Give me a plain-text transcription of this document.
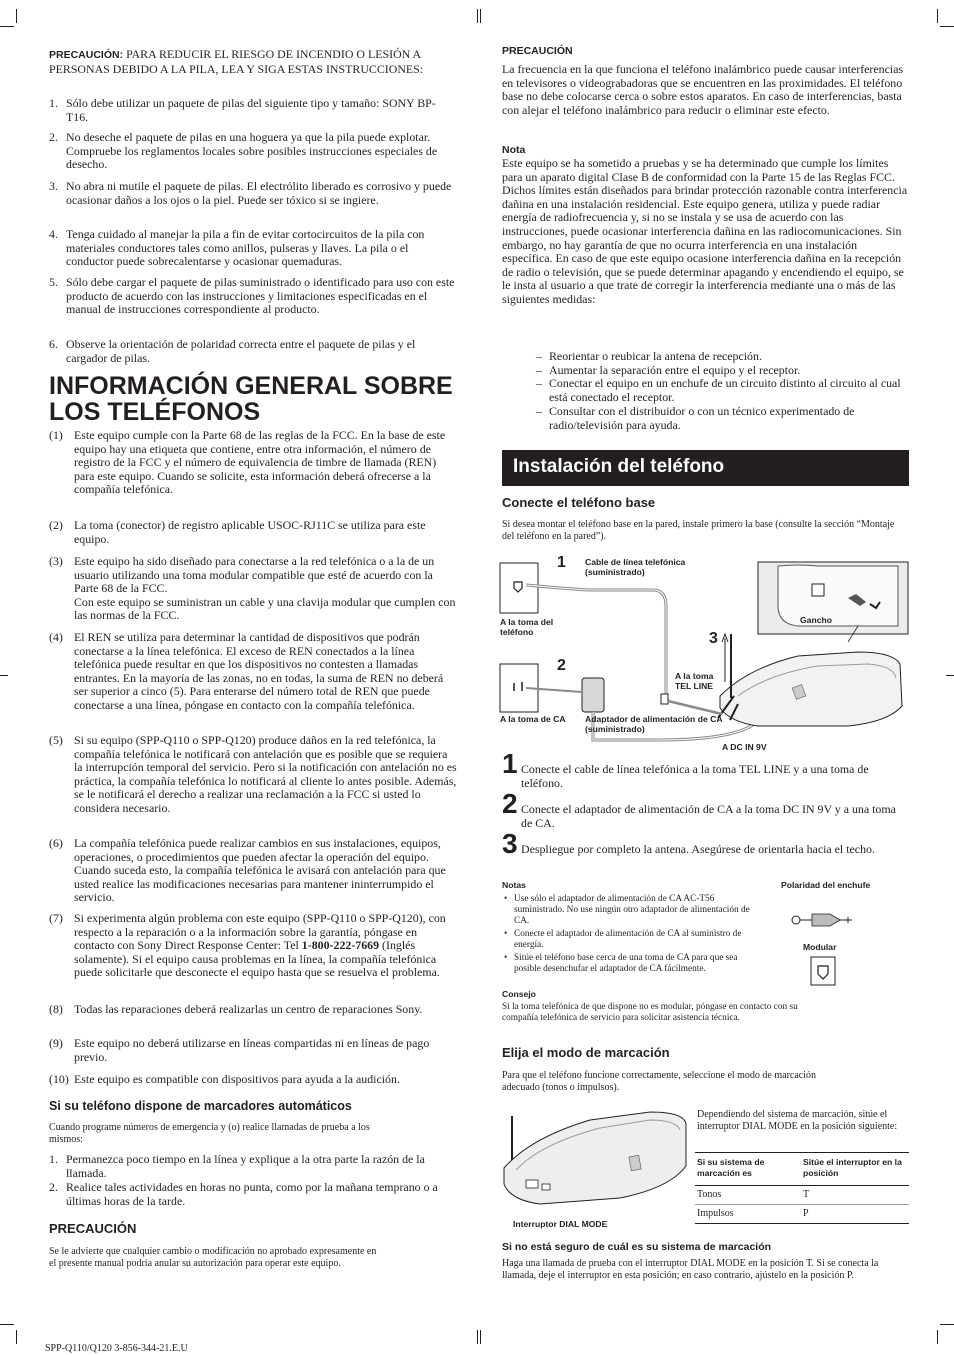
PRECAUCIÓN: PARA REDUCIR EL RIESGO DE INCENDIO O LESIÓN A PERSONAS DEBIDO A LA PILA, LEA Y SIGA ESTAS INSTRUCCIONES:
1. Sólo debe utilizar un paquete de pilas del siguiente tipo y tamaño: SONY BP-T16.
2. No deseche el paquete de pilas en una hoguera ya que la pila puede explotar. Compruebe los reglamentos locales sobre posibles instrucciones especiales de desecho.
3. No abra ni mutile el paquete de pilas. El electrólito liberado es corrosivo y puede ocasionar daños a los ojos o la piel. Puede ser tóxico si se ingiere.
4. Tenga cuidado al manejar la pila a fin de evitar cortocircuitos de la pila con materiales conductores tales como anillos, pulseras y llaves. La pila o el conductor puede sobrecalentarse y ocasionar quemaduras.
5. Sólo debe cargar el paquete de pilas suministrado o identificado para uso con este producto de acuerdo con las instrucciones y limitaciones especificadas en el manual de instrucciones correspondiente al producto.
6. Observe la orientación de polaridad correcta entre el paquete de pilas y el cargador de pilas.
INFORMACIÓN GENERAL SOBRE
LOS TELÉFONOS
(1) Este equipo cumple con la Parte 68 de las reglas de la FCC. En la base de este equipo hay una etiqueta que contiene, entre otra información, el número de registro de la FCC y el número de equivalencia de timbre de llamada (REN) para este equipo. Cuando se solicite, esta información deberá ofrecerse a la compañía telefónica.
(2) La toma (conector) de registro aplicable USOC-RJ11C se utiliza para este equipo.
(3) Este equipo ha sido diseñado para conectarse a la red telefónica o a la de un usuario utilizando una toma modular compatible que esté de acuerdo con la Parte 68 de la FCC.
Con este equipo se suministran un cable y una clavija modular que cumplen con las normas de la FCC.
(4) El REN se utiliza para determinar la cantidad de dispositivos que podrán conectarse a la línea telefónica. El exceso de REN conectados a la línea telefónica puede resultar en que los dispositivos no contesten a llamadas entrantes. En la mayoría de las zonas, no en todas, la suma de REN no deberá ser superior a cinco (5). Para enterarse del número total de REN que puede conectarse a una línea, póngase en contacto con la compañía telefónica.
(5) Si su equipo (SPP-Q110 o SPP-Q120) produce daños en la red telefónica, la compañía telefónica le notificará con antelación que es posible que se requiera la interrupción temporal del servicio. Pero si la notificación con antelación no es práctica, la compañía telefónica lo notificará al cliente lo antes posible. Además, se le notificará el derecho a realizar una reclamación a la FCC si usted lo considera necesario.
(6) La compañía telefónica puede realizar cambios en sus instalaciones, equipos, operaciones, o procedimientos que pueden afectar la operación del equipo. Cuando suceda esto, la compañía telefónica le avisará con antelación para que usted realice las modificaciones necesarias para mantener ininterrumpido el servicio.
(7) Si experimenta algún problema con este equipo (SPP-Q110 o SPP-Q120), con respecto a la reparación o a la información sobre la garantía, póngase en contacto con Sony Direct Response Center: Tel 1-800-222-7669 (Inglés solamente). Si el equipo causa problemas en la línea, la compañía telefónica puede solicitarle que desconecte el equipo hasta que se resuelva el problema.
(8) Todas las reparaciones deberá realizarlas un centro de reparaciones Sony.
(9) Este equipo no deberá utilizarse en líneas compartidas ni en líneas de pago previo.
(10) Este equipo es compatible con dispositivos para ayuda a la audición.
Si su teléfono dispone de marcadores automáticos
Cuando programe números de emergencia y (o) realice llamadas de prueba a los mismos:
1. Permanezca poco tiempo en la línea y explique a la otra parte la razón de la llamada.
2. Realice tales actividades en horas no punta, como por la mañana temprano o a últimas horas de la tarde.
PRECAUCIÓN
Se le advierte que cualquier cambio o modificación no aprobado expresamente en el presente manual podría anular su autorización para operar este equipo.
SPP-Q110/Q120 3-856-344-21.E.U
PRECAUCIÓN
La frecuencia en la que funciona el teléfono inalámbrico puede causar interferencias en televisores o videograbadoras que se encuentren en las proximidades. El teléfono base no debe colocarse cerca o sobre estos aparatos. En caso de interferencias, basta con alejar el teléfono inalámbrico para reducir o eliminar este efecto.
Nota
Este equipo se ha sometido a pruebas y se ha determinado que cumple los límites para un aparato digital Clase B de conformidad con la Parte 15 de las Reglas FCC. Dichos límites están diseñados para brindar protección razonable contra interferencia dañina en una instalación residencial. Este equipo genera, utiliza y puede radiar energía de radiofrecuencia y, si no se instala y se usa de acuerdo con las instrucciones, puede ocasionar interferencia dañina en las radiocomunicaciones. Sin embargo, no hay garantía de que no ocurra interferencia en una instalación específica. En caso de que este equipo ocasione interferencia dañina en la recepción de radio o televisión, que se puede determinar apagando y encendiendo el equipo, se le insta al usuario a que trate de corregir la interferencia mediante una o más de las siguientes medidas:
– Reorientar o reubicar la antena de recepción.
– Aumentar la separación entre el equipo y el receptor.
– Conectar el equipo en un enchufe de un circuito distinto al circuito al cual está conectado el receptor.
– Consultar con el distribuidor o con un técnico experimentado de radio/televisión para ayuda.
Instalación del teléfono
Conecte el teléfono base
Si desea montar el teléfono base en la pared, instale primero la base (consulte la sección “Montaje del teléfono en la pared”).
1
2
3
Cable de línea telefónica (suministrado)
A la toma del teléfono
Gancho
A la toma TEL LINE
A la toma de CA Adaptador de alimentación de CA (suministrado)
A DC IN 9V
1 Conecte el cable de línea telefónica a la toma TEL LINE y a una toma de teléfono.
2 Conecte el adaptador de alimentación de CA a la toma DC IN 9V y a una toma de CA.
3 Despliegue por completo la antena. Asegúrese de orientarla hacia el techo.
Notas
• Use sólo el adaptador de alimentación de CA AC-T56 suministrado. No use ningún otro adaptador de alimentación de CA.
• Conecte el adaptador de alimentación de CA al suministro de energía.
• Sitúe el teléfono base cerca de una toma de CA para que sea posible desenchufar el adaptador de CA fácilmente.
Polaridad del enchufe
Modular
Consejo
Si la toma telefónica de que dispone no es modular, póngase en contacto con su compañía telefónica de servicio para solicitar asistencia técnica.
Elija el modo de marcación
Para que el teléfono funcione correctamente, seleccione el modo de marcación adecuado (tonos o impulsos).
Interruptor DIAL MODE
Dependiendo del sistema de marcación, sitúe el interruptor DIAL MODE en la posición siguiente:
Si su sistema de marcación es
Sitúe el interruptor en la posición
Tonos	T
Impulsos	P
Si no está seguro de cuál es su sistema de marcación
Haga una llamada de prueba con el interruptor DIAL MODE en la posición T. Si se conecta la llamada, deje el interruptor en esta posición; en caso contrario, ajústelo en la posición P.
